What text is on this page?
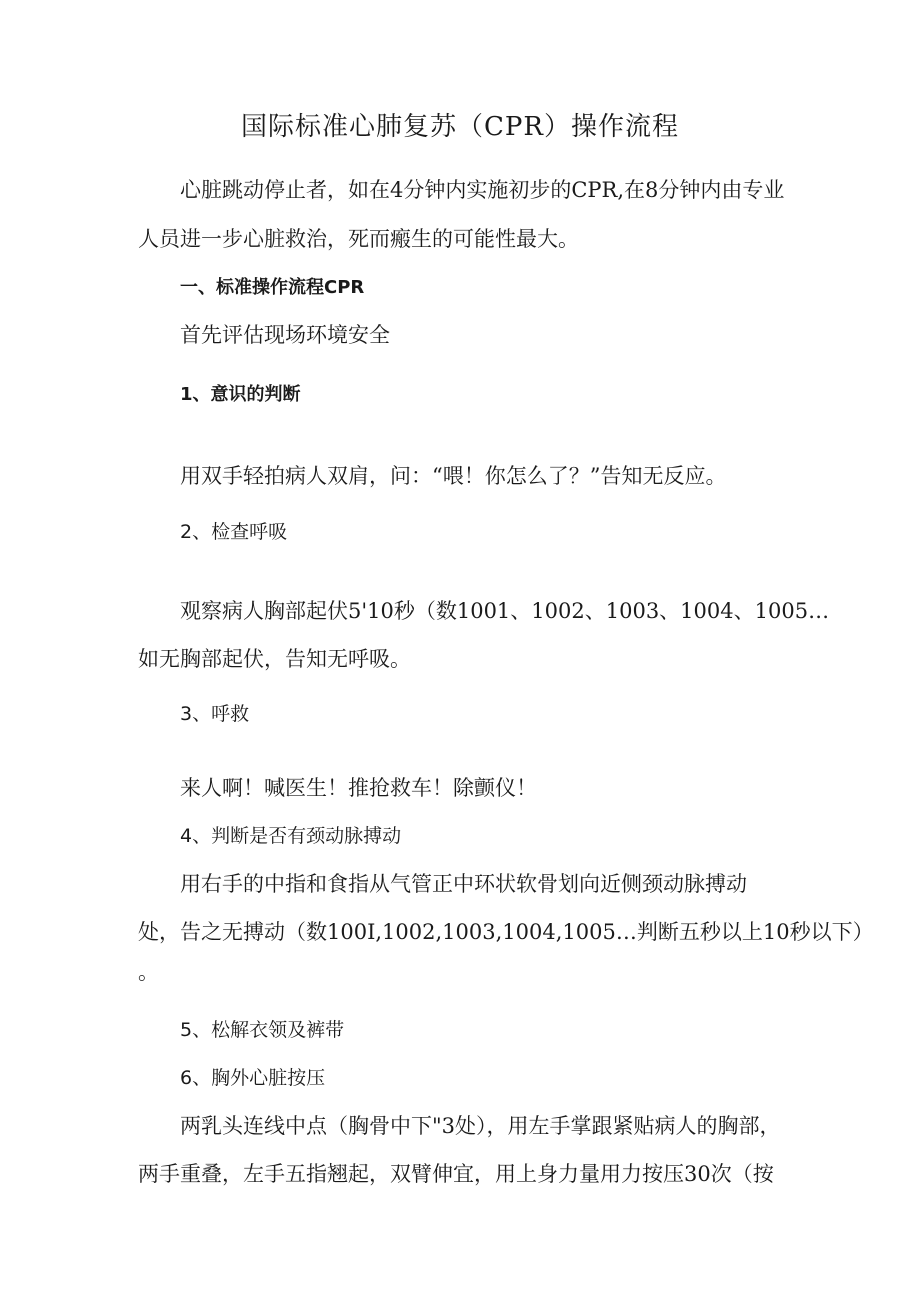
国际标准心肺复苏（CPR）操作流程
心脏跳动停止者，如在4分钟内实施初步的CPR,在8分钟内由专业
人员进一步心脏救治，死而瘢生的可能性最大。
一、标准操作流程CPR
首先评估现场环境安全
1、意识的判断
用双手轻拍病人双肩，问：“喂！你怎么了？”告知无反应。
2、检查呼吸
观察病人胸部起伏5'10秒（数1001、1002、1003、1004、1005…
如无胸部起伏，告知无呼吸。
3、呼救
来人啊！喊医生！推抢救车！除颤仪！
4、判断是否有颈动脉搏动
用右手的中指和食指从气管正中环状软骨划向近侧颈动脉搏动
处，告之无搏动（数100I,1002,1003,1004,1005…判断五秒以上10秒以下）
。
5、松解衣领及裤带
6、胸外心脏按压
两乳头连线中点（胸骨中下"3处），用左手掌跟紧贴病人的胸部，
两手重叠，左手五指翘起，双臂伸宜，用上身力量用力按压30次（按
